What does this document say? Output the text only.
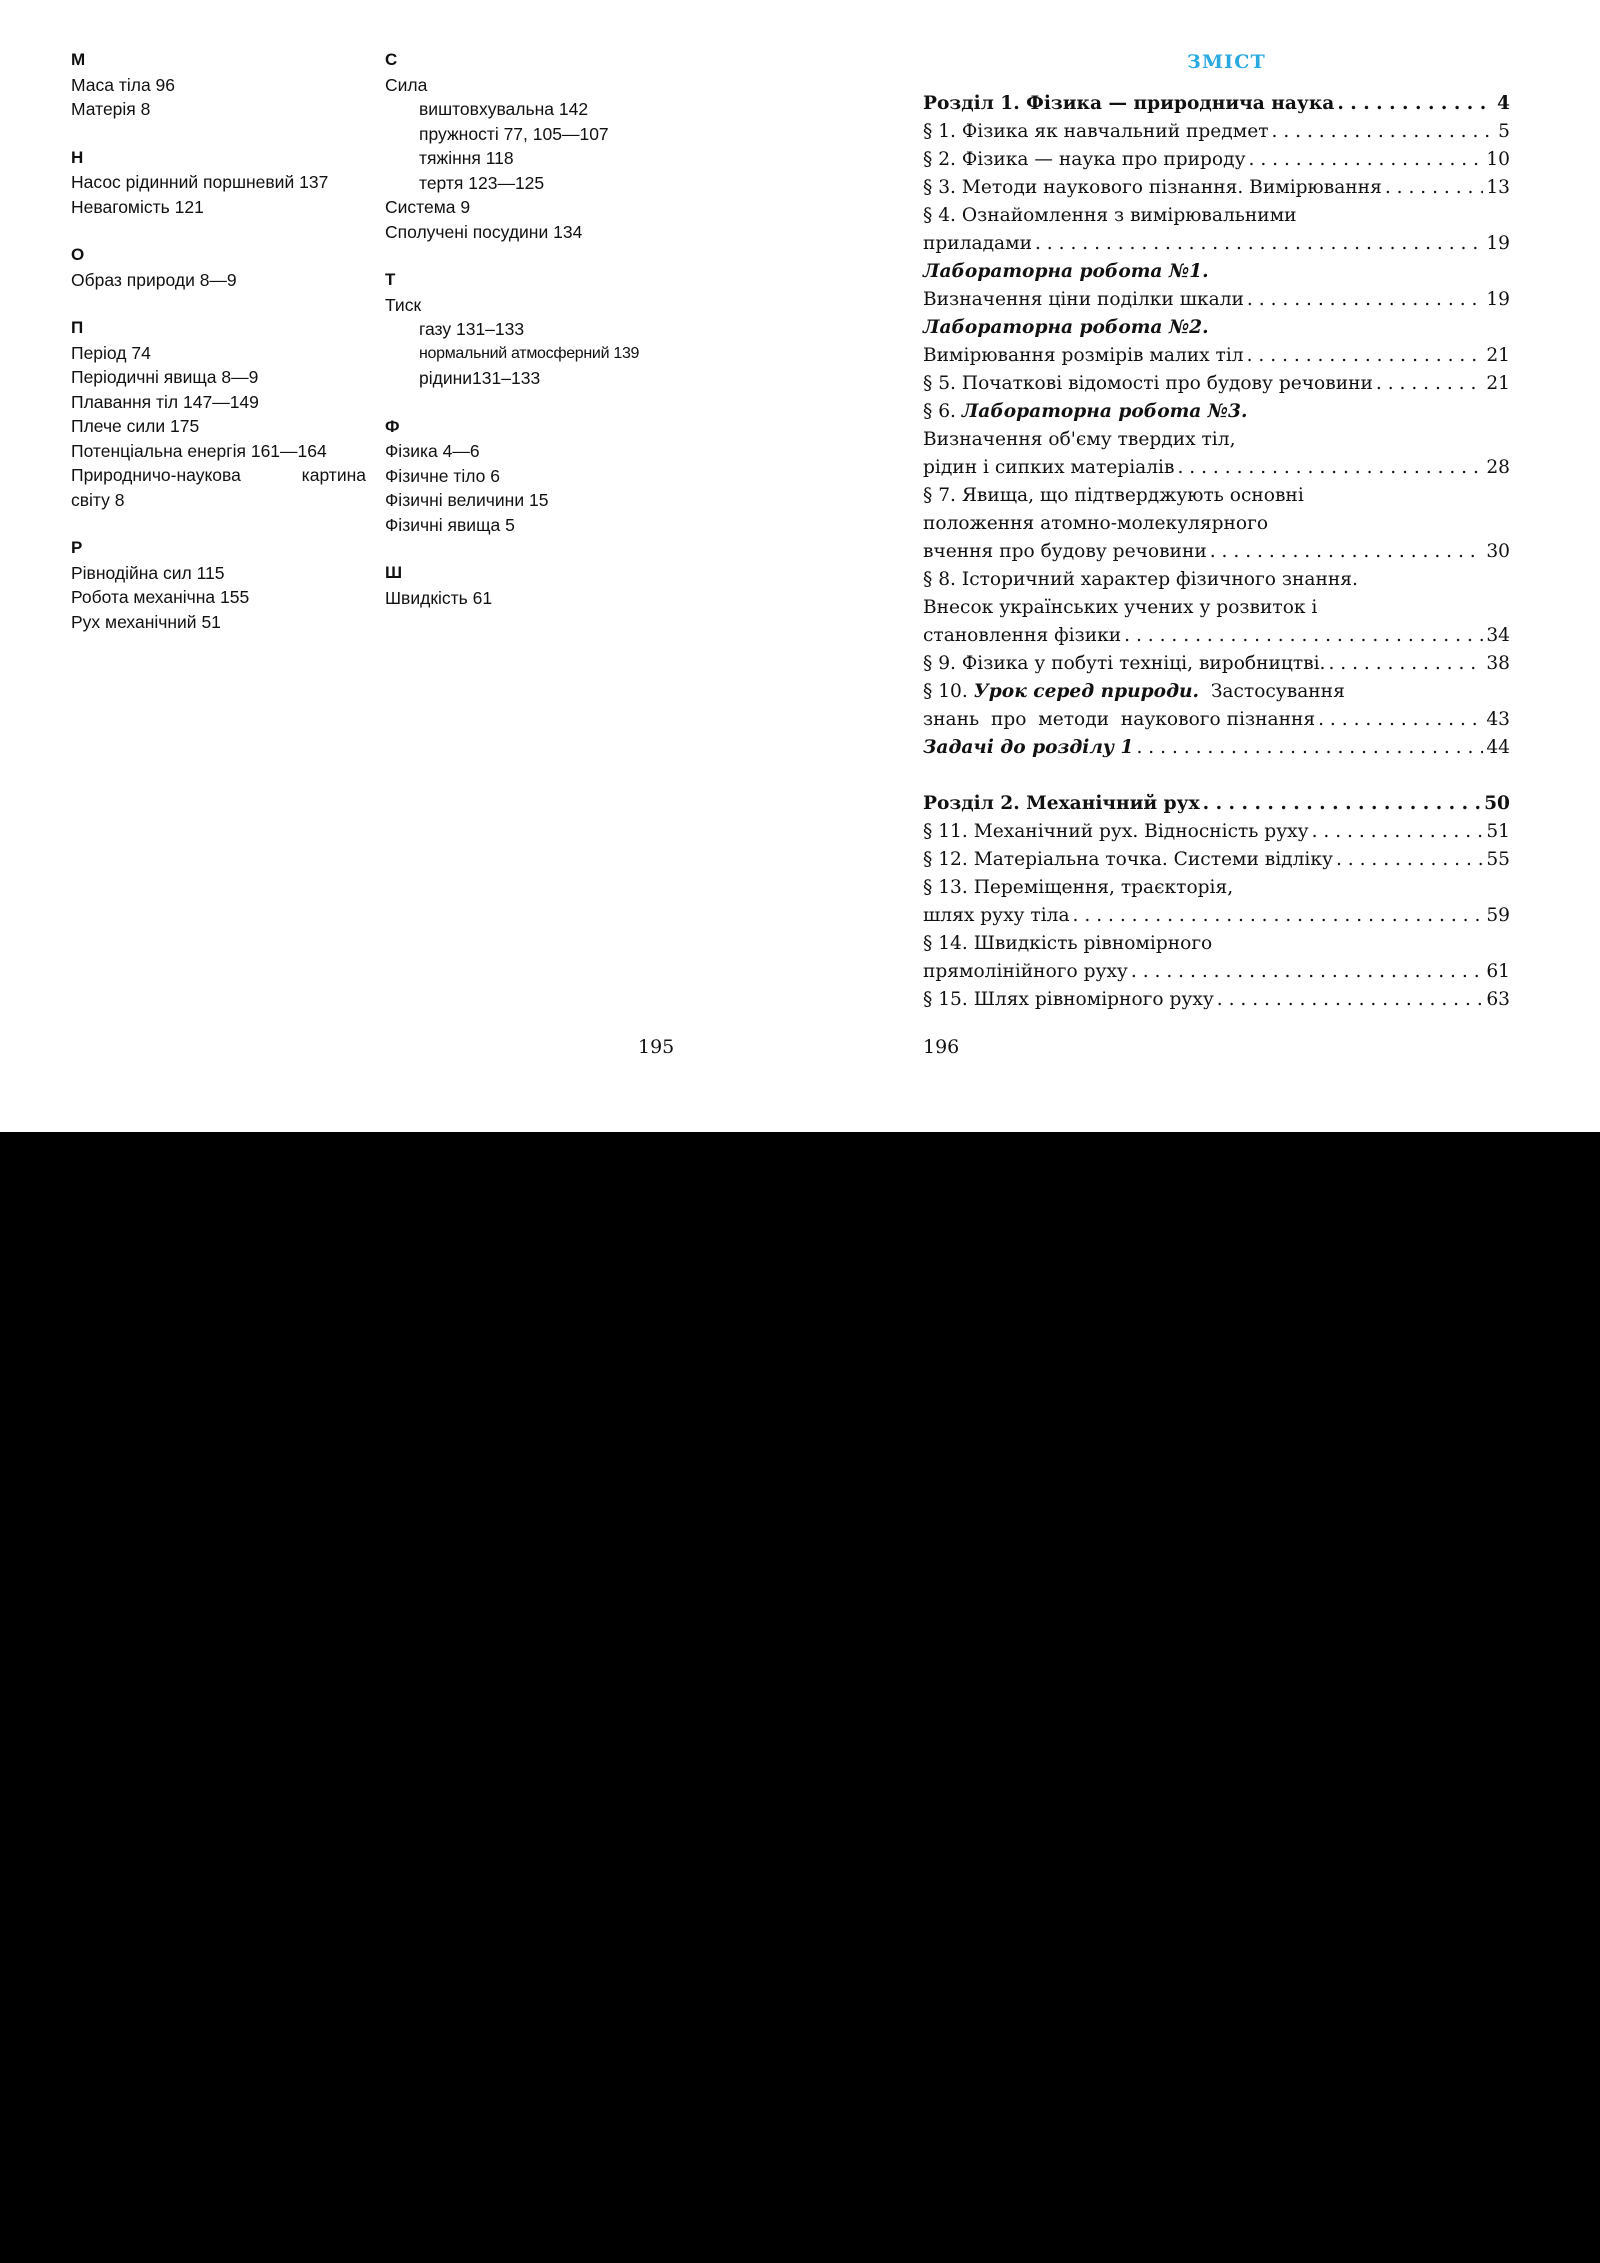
М
Маса тіла 96
Матерія 8
Н
Насос рідинний поршневий 137
Невагомість 121
О
Образ природи 8—9
П
Період 74
Періодичні явища 8—9
Плавання тіл 147—149
Плече сили 175
Потенціальна енергія 161—164
Природничо-наукова картина
світу 8
Р
Рівнодійна сил 115
Робота механічна 155
Рух механічний 51
С
Сила
виштовхувальна 142
пружності 77, 105—107
тяжіння 118
тертя 123—125
Система 9
Сполучені посудини 134
Т
Тиск
газу 131–133
нормальний атмосферний 139
рідини131–133
Ф
Фізика 4—6
Фізичне тіло 6
Фізичні величини 15
Фізичні явища 5
Ш
Швидкість 61
ЗМІСТ
Розділ 1. Фізика — природнича наука . . .	4
§ 1. Фізика як навчальний предмет . . .	5
§ 2. Фізика — наука про природу . . .	10
§ 3. Методи наукового пізнання. Вимірювання . . .	13
§ 4. Ознайомлення з вимірювальними
приладами . . .	19
Лабораторна робота №1.
Визначення ціни поділки шкали . . .	19
Лабораторна робота №2.
Вимірювання розмірів малих тіл . . .	21
§ 5. Початкові відомості про будову речовини . . .	21
§ 6. Лабораторна робота №3.
Визначення об'єму твердих тіл,
рідин і сипких матеріалів . . .	28
§ 7. Явища, що підтверджують основні
положення атомно-молекулярного
вчення про будову речовини . . .	30
§ 8. Історичний характер фізичного знання.
Внесок українських учених у розвиток і
становлення фізики . . .	34
§ 9. Фізика у побуті техніці, виробництві. . . .	38
§ 10. Урок серед природи.  Застосування
знань  про  методи  наукового пізнання . . .	43
Задачі до розділу 1 . . .	44
Розділ 2. Механічний рух . . .	50
§ 11. Механічний рух. Відносність руху . . .	51
§ 12. Матеріальна точка. Системи відліку . . .	55
§ 13. Переміщення, траєкторія,
шлях руху тіла . . .	59
§ 14. Швидкість рівномірного
прямолінійного руху . . .	61
§ 15. Шлях рівномірного руху . . .	63
195	196
